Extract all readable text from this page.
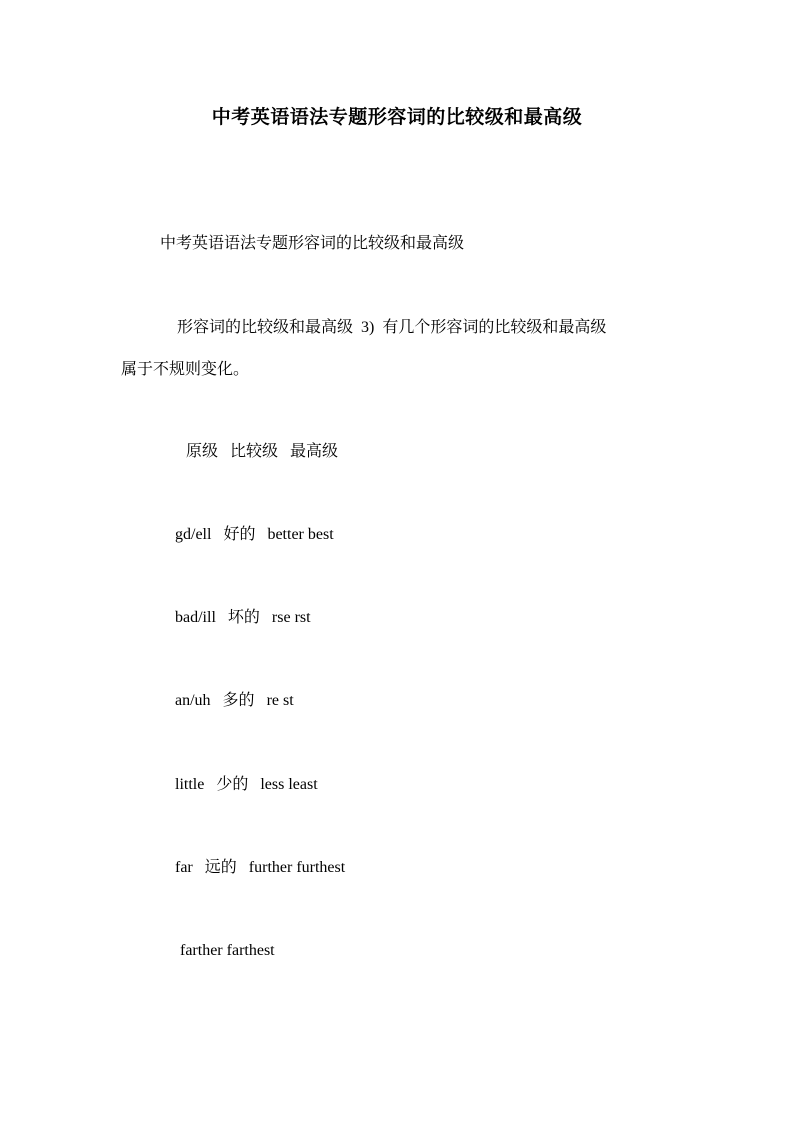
中考英语语法专题形容词的比较级和最高级
中考英语语法专题形容词的比较级和最高级
形容词的比较级和最高级 3) 有几个形容词的比较级和最高级
属于不规则变化。
原级 比较级 最高级
gd/ell 好的 better best
bad/ill 坏的 rse rst
an/uh 多的 re st
little 少的 less least
far 远的 further furthest
farther farthest
